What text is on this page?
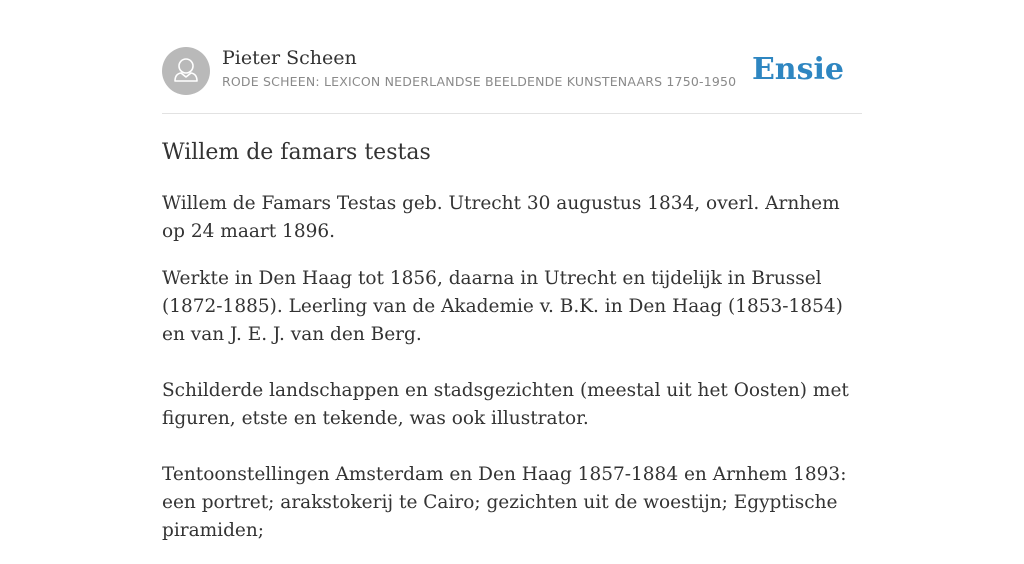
Pieter Scheen
RODE SCHEEN: LEXICON NEDERLANDSE BEELDENDE KUNSTENAARS 1750-1950 Ensie
Willem de famars testas

Willem de Famars Testas geb. Utrecht 30 augustus 1834, overl. Arnhem op 24 maart 1896.

Werkte in Den Haag tot 1856, daarna in Utrecht en tijdelijk in Brussel (1872-1885). Leerling van de Akademie v. B.K. in Den Haag (1853-1854) en van J. E. J. van den Berg.

Schilderde landschappen en stadsgezichten (meestal uit het Oosten) met figuren, etste en tekende, was ook illustrator.

Tentoonstellingen Amsterdam en Den Haag 1857-1884 en Arnhem 1893: een portret; arakstokerij te Cairo; gezichten uit de woestijn; Egyptische piramiden;
